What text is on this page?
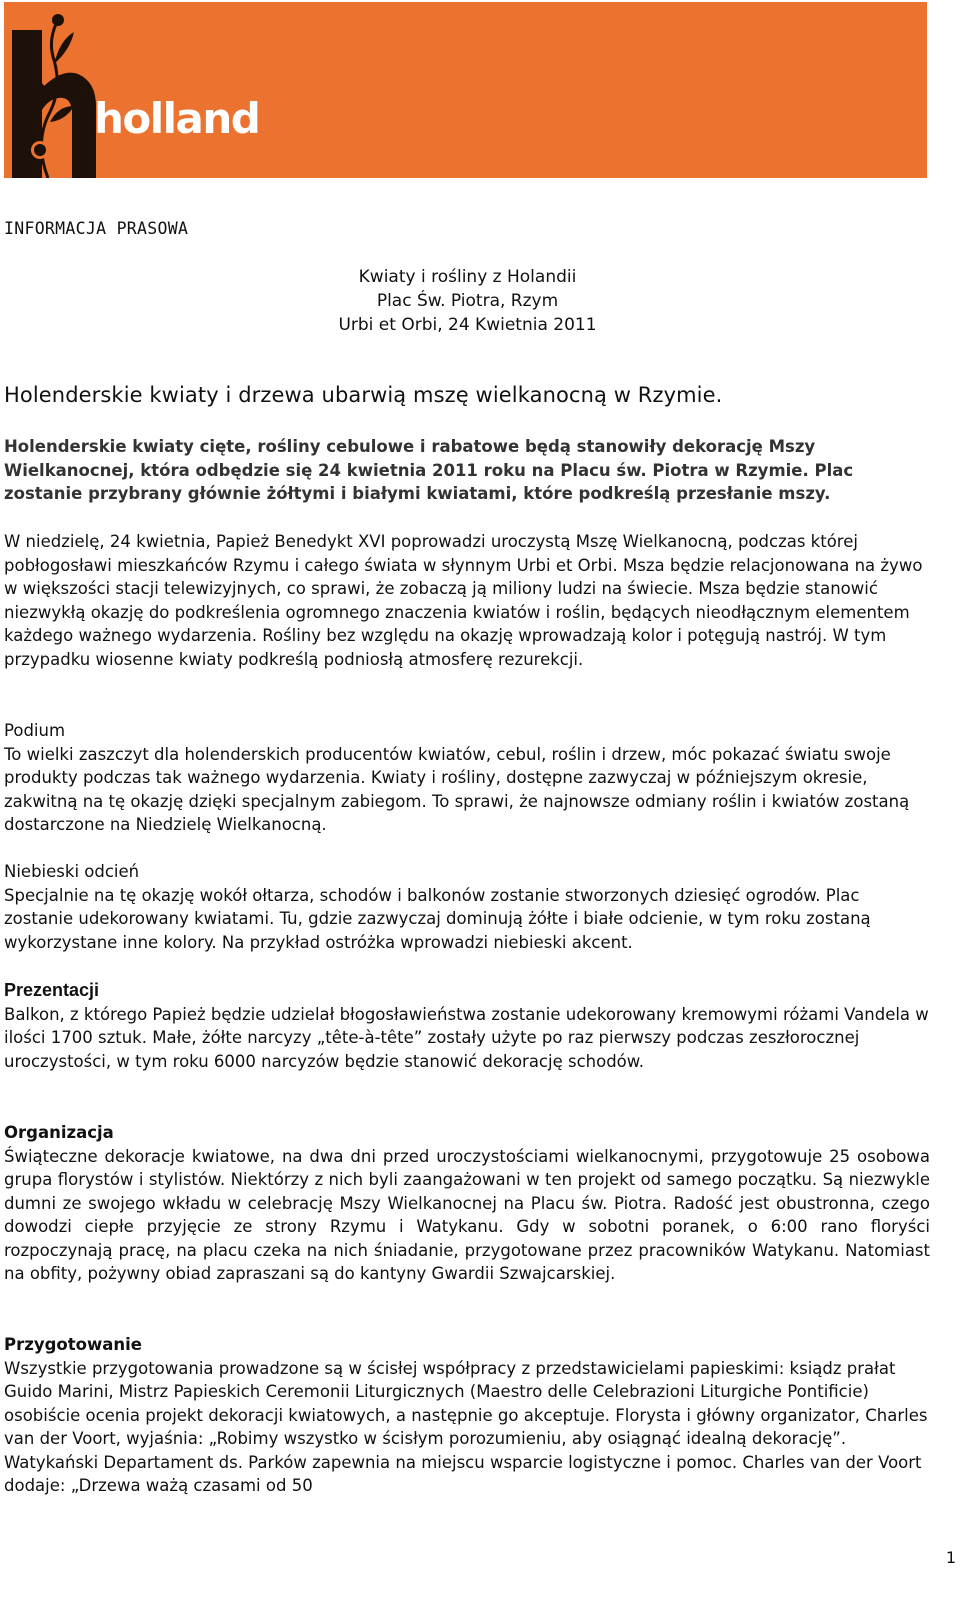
holland
INFORMACJA PRASOWA
Kwiaty i rośliny z Holandii
Plac Św. Piotra, Rzym
Urbi et Orbi, 24 Kwietnia 2011
Holenderskie kwiaty i drzewa ubarwią mszę wielkanocną w Rzymie.
Holenderskie kwiaty cięte, rośliny cebulowe i rabatowe będą stanowiły dekorację Mszy Wielkanocnej, która odbędzie się 24 kwietnia 2011 roku na Placu św. Piotra w Rzymie. Plac zostanie przybrany głównie żółtymi i białymi kwiatami, które podkreślą przesłanie mszy.

W niedzielę, 24 kwietnia, Papież Benedykt XVI poprowadzi uroczystą Mszę Wielkanocną, podczas której pobłogosławi mieszkańców Rzymu i całego świata w słynnym Urbi et Orbi. Msza będzie relacjonowana na żywo w większości stacji telewizyjnych, co sprawi, że zobaczą ją miliony ludzi na świecie. Msza będzie stanowić niezwykłą okazję do podkreślenia ogromnego znaczenia kwiatów i roślin, będących nieodłącznym elementem każdego ważnego wydarzenia. Rośliny bez względu na okazję wprowadzają kolor i potęgują nastrój. W tym przypadku wiosenne kwiaty podkreślą podniosłą atmosferę rezurekcji.

Podium
To wielki zaszczyt dla holenderskich producentów kwiatów, cebul, roślin i drzew, móc pokazać światu swoje produkty podczas tak ważnego wydarzenia. Kwiaty i rośliny, dostępne zazwyczaj w późniejszym okresie, zakwitną na tę okazję dzięki specjalnym zabiegom. To sprawi, że najnowsze odmiany roślin i kwiatów zostaną dostarczone na Niedzielę Wielkanocną.
Niebieski odcień
Specjalnie na tę okazję wokół ołtarza, schodów i balkonów zostanie stworzonych dziesięć ogrodów. Plac zostanie udekorowany kwiatami. Tu, gdzie zazwyczaj dominują żółte i białe odcienie, w tym roku zostaną wykorzystane inne kolory. Na przykład ostróżka wprowadzi niebieski akcent.
Prezentacji
Balkon, z którego Papież będzie udzielał błogosławieństwa zostanie udekorowany kremowymi różami Vandela w ilości 1700 sztuk. Małe, żółte narcyzy „tête-à-tête” zostały użyte po raz pierwszy podczas zeszłorocznej uroczystości, w tym roku 6000 narcyzów będzie stanowić dekorację schodów.
Organizacja
Świąteczne dekoracje kwiatowe, na dwa dni przed uroczystościami wielkanocnymi, przygotowuje 25 osobowa grupa florystów i stylistów. Niektórzy z nich byli zaangażowani w ten projekt od samego początku. Są niezwykle dumni ze swojego wkładu w celebrację Mszy Wielkanocnej na Placu św. Piotra. Radość jest obustronna, czego dowodzi ciepłe przyjęcie ze strony Rzymu i Watykanu. Gdy w sobotni poranek, o 6:00 rano floryści rozpoczynają pracę, na placu czeka na nich śniadanie, przygotowane przez pracowników Watykanu. Natomiast na obfity, pożywny obiad zapraszani są do kantyny Gwardii Szwajcarskiej.
Przygotowanie
Wszystkie przygotowania prowadzone są w ścisłej współpracy z przedstawicielami papieskimi: ksiądz prałat Guido Marini, Mistrz Papieskich Ceremonii Liturgicznych (Maestro delle Celebrazioni Liturgiche Pontificie) osobiście ocenia projekt dekoracji kwiatowych, a następnie go akceptuje. Florysta i główny organizator, Charles van der Voort, wyjaśnia: „Robimy wszystko w ścisłym porozumieniu, aby osiągnąć idealną dekorację”. Watykański Departament ds. Parków zapewnia na miejscu wsparcie logistyczne i pomoc. Charles van der Voort dodaje: „Drzewa ważą czasami od 50
1
